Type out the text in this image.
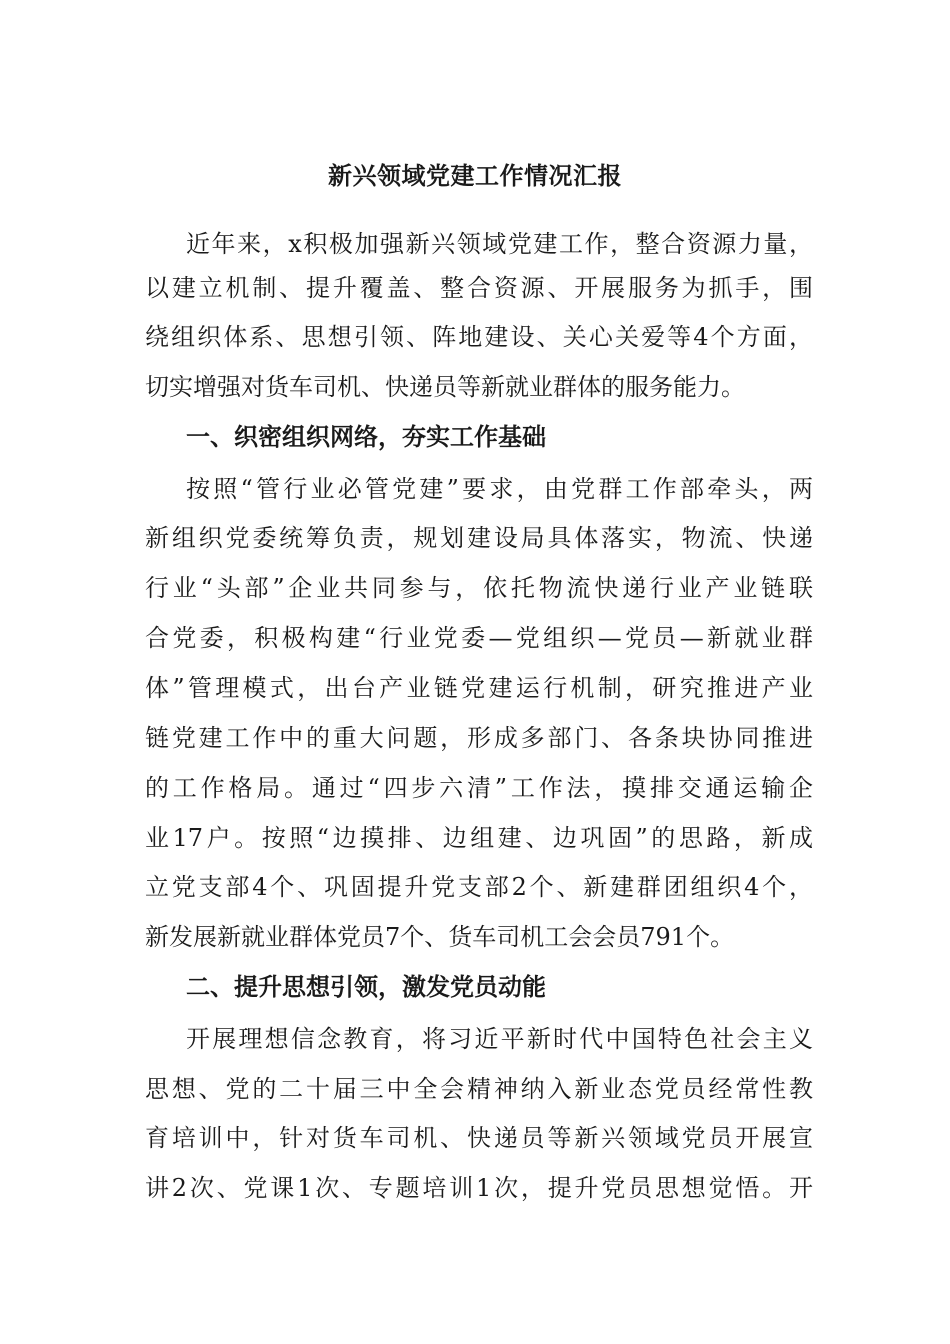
新兴领域党建工作情况汇报
近年来，x积极加强新兴领域党建工作，整合资源力量，
以建立机制、提升覆盖、整合资源、开展服务为抓手，围
绕组织体系、思想引领、阵地建设、关心关爱等4个方面，
切实增强对货车司机、快递员等新就业群体的服务能力。
一、织密组织网络，夯实工作基础
按照“管行业必管党建”要求，由党群工作部牵头，两
新组织党委统筹负责，规划建设局具体落实，物流、快递
行业“头部”企业共同参与，依托物流快递行业产业链联
合党委，积极构建“行业党委—党组织—党员—新就业群
体”管理模式，出台产业链党建运行机制，研究推进产业
链党建工作中的重大问题，形成多部门、各条块协同推进
的工作格局。通过“四步六清”工作法，摸排交通运输企
业17户。按照“边摸排、边组建、边巩固”的思路，新成
立党支部4个、巩固提升党支部2个、新建群团组织4个，
新发展新就业群体党员7个、货车司机工会会员791个。
二、提升思想引领，激发党员动能
开展理想信念教育，将习近平新时代中国特色社会主义
思想、党的二十届三中全会精神纳入新业态党员经常性教
育培训中，针对货车司机、快递员等新兴领域党员开展宣
讲2次、党课1次、专题培训1次，提升党员思想觉悟。开
